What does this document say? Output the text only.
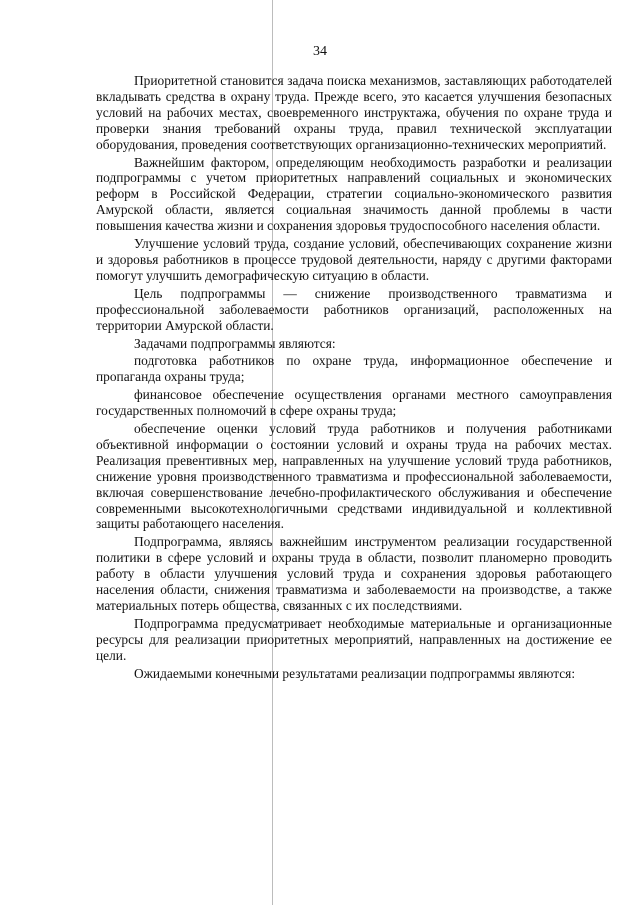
34

Приоритетной становится задача поиска механизмов, заставляющих работодателей вкладывать средства в охрану труда. Прежде всего, это касается улучшения безопасных условий на рабочих местах, своевременного инструктажа, обучения по охране труда и проверки знания требований охраны труда, правил технической эксплуатации оборудования, проведения соответствующих организационно-технических мероприятий.

Важнейшим фактором, определяющим необходимость разработки и реализации подпрограммы с учетом приоритетных направлений социальных и экономических реформ в Российской Федерации, стратегии социально-экономического развития Амурской области, является социальная значимость данной проблемы в части повышения качества жизни и сохранения здоровья трудоспособного населения области.

Улучшение условий труда, создание условий, обеспечивающих сохранение жизни и здоровья работников в процессе трудовой деятельности, наряду с другими факторами помогут улучшить демографическую ситуацию в области.

Цель подпрограммы — снижение производственного травматизма и профессиональной заболеваемости работников организаций, расположенных на территории Амурской области.

Задачами подпрограммы являются:

подготовка работников по охране труда, информационное обеспечение и пропаганда охраны труда;

финансовое обеспечение осуществления органами местного самоуправления государственных полномочий в сфере охраны труда;

обеспечение оценки условий труда работников и получения работниками объективной информации о состоянии условий и охраны труда на рабочих местах. Реализация превентивных мер, направленных на улучшение условий труда работников, снижение уровня производственного травматизма и профессиональной заболеваемости, включая совершенствование лечебно-профилактического обслуживания и обеспечение современными высокотехнологичными средствами индивидуальной и коллективной защиты работающего населения.

Подпрограмма, являясь важнейшим инструментом реализации государственной политики в сфере условий и охраны труда в области, позволит планомерно проводить работу в области улучшения условий труда и сохранения здоровья работающего населения области, снижения травматизма и заболеваемости на производстве, а также материальных потерь общества, связанных с их последствиями.

Подпрограмма предусматривает необходимые материальные и организационные ресурсы для реализации приоритетных мероприятий, направленных на достижение ее цели.

Ожидаемыми конечными результатами реализации подпрограммы являются:
